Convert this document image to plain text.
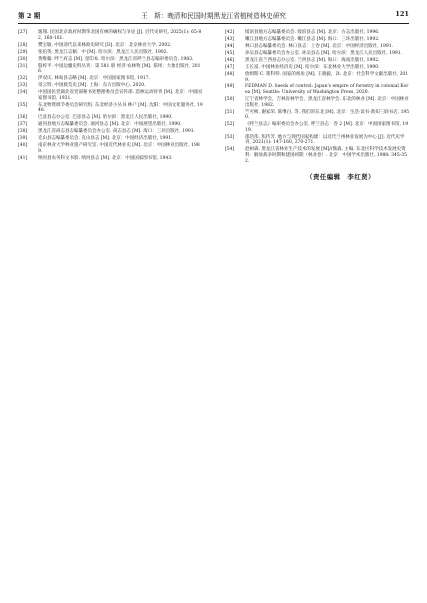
第 2 期	王　斯：晚清和民国时期黑龙江省植树造林史研究	121
[27] 逸翔. 民国北京政府时期华北国有林的确权与争论 [J]. 近代史研究, 2025(1): 65-82, 160-161.
[28] 樊宝敏. 中国清代以来林政史研究 [D]. 北京：北京林业大学, 2002.
[29] 张伯英. 黑龙江志稿：中 [M]. 哈尔滨：黑龙江人民出版社, 1992.
[30] 黄维翰. 呼兰府志 [M]. 壹印本. 哈尔滨：黑龙江省呼兰县志编审委员会, 1983.
[31] 殷梓平. 中国边疆史料丛刊：第 581 册 经济·农林牧 [M]. 郑州：大象出版社, 2016.
[32] 伊双庆. 林甸县志略 [M]. 北京：中国国家图书馆, 1917.
[33] 哥云特. 中国救荒史 [M]. 上海：东方出版中心, 2020.
[34] 中国国民党湖北省党部秘书处整理委员会宣传部. 造林运动特刊 [M]. 北京：中国国家图书馆, 1931.
[35] 东北物资调节委员会研究组. 东北经济小丛书 林产 [M]. 沈阳：中国文化服务社, 1948.
[36] 巴彦县志办公室. 巴彦县志 [M]. 哈尔滨：黑龙江人民出版社, 1990.
[37] 通河县地方志编纂委员会. 通河县志 [M]. 北京：中国展望出版社, 1990.
[38] 黑龙江省尚志县志编纂委员会办公室. 尚志县志 [M]. 海口：三环出版社, 1991.
[39] 克山县志编纂委员会. 克山县志 [M]. 北京：中国经济出版社, 1991.
[40] 南京林业大学林业遗产研究室. 中国近代林业史 [M]. 北京：中国林业出版社, 1989.
[41] 纳河县农务科文书股. 纳河县志 [M]. 北京：中国国家图书馆, 1943.
[42] 绥滨县地方志编纂委员会. 绥滨县志 [M]. 北京：方志出版社, 1996.
[43] 嫩江县地方志编纂委员会. 嫩江县志 [M]. 海口：三环出版社, 1992.
[44] 林口县志编纂委员会. 林口县志：上卷 [M]. 北京：中国经济出版社, 1991.
[45] 孙吴县志编纂委员会办公室. 孙吴县志 [M]. 哈尔滨：黑龙江人民出版社, 1991.
[46] 黑龙江省兰西县志办公室. 兰西县志 [M]. 海口：海南出版社, 1992.
[47] 王长富. 中国林业经济史 [M]. 哈尔滨：东北林业大学出版社, 1990.
[48] 詹姆斯·C. 斯科特. 国家的视角 [M]. 王晓毅，译. 北京：社会科学文献出版社, 2019.
[49] FEDMAN D. Seeds of control: Japan's empire of forestry in colonial Korea [M]. Seattle: University of Washington Press, 2020.
[50] 辽宁省林学会，吉林省林学会，黑龙江省林学会. 东北的林业 [M]. 北京：中国林业出版社, 1982.
[51] 竺可桢. 谢家荣. 陈继白. 等. 我们的东北 [M]. 北京：生活·读书·新知三联书店, 1950.
[52] 《呼兰县志》编审委员会办公室. 呼兰县志：卷 2 [M]. 北京：中国国家图书馆, 1919.
[53] 邵浩伟. 焦传芳. 地方与现代国家构建：以近代兰州林业发展为中心 [J]. 近代史学刊, 2021(1): 147-160, 270-271.
[54] 赵树森. 黑龙江省林业生产技术的发展 [M]//熊森, 主编. 东北区科学技术发展史资料：解放战争时期和建国初期（林业卷）. 北京：中国学术出版社, 1988: 345-352.
（责任编辑　李红贤）
